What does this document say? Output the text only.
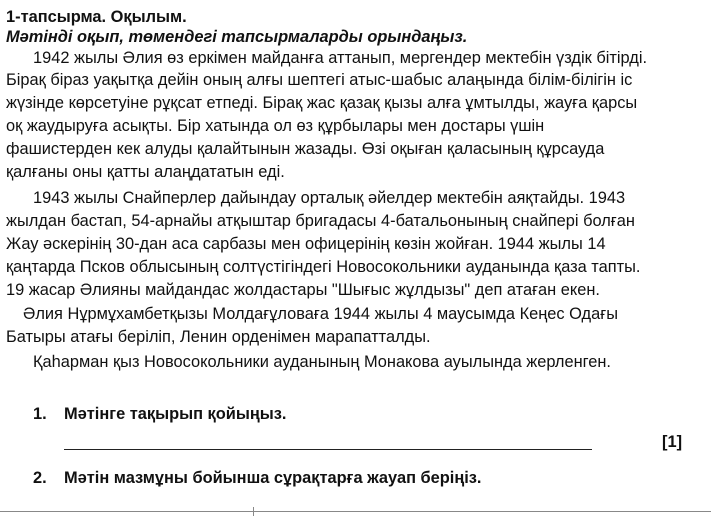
1-тапсырма. Оқылым.
Мәтінді оқып, төмендегі тапсырмаларды орындаңыз.
1942 жылы Әлия өз еркімен майданға аттанып, мергендер мектебін үздік бітірді.
Бірақ біраз уақытқа дейін оның алғы шептегі атыс-шабыс алаңында білім-білігін іс
жүзінде көрсетуіне рұқсат етпеді. Бірақ жас қазақ қызы алға ұмтылды, жауға қарсы
оқ жаудыруға асықты. Бір хатында ол өз құрбылары мен достары үшін
фашистерден кек алуды қалайтынын жазады. Өзі оқыған қаласының құрсауда
қалғаны оны қатты алаңдататын еді.
1943 жылы Снайперлер дайындау орталық әйелдер мектебін аяқтайды. 1943
жылдан бастап, 54-арнайы атқыштар бригадасы 4-батальонының снайпері болған
Жау әскерінің 30-дан аса сарбазы мен офицерінің көзін жойған. 1944 жылы 14
қаңтарда Псков облысының солтүстігіндегі Новосокольники ауданында қаза тапты.
19 жасар Әлияны майдандас жолдастары "Шығыс жұлдызы" деп атаған екен.
Әлия Нұрмұхамбетқызы Молдағұловаға 1944 жылы 4 маусымда Кеңес Одағы
Батыры атағы беріліп, Ленин орденімен марапатталды.
Қаһарман қыз Новосокольники ауданының Монакова ауылында жерленген.
1. Мәтінге тақырып қойыңыз.
[1]
2. Мәтін мазмұны бойынша сұрақтарға жауап беріңіз.
